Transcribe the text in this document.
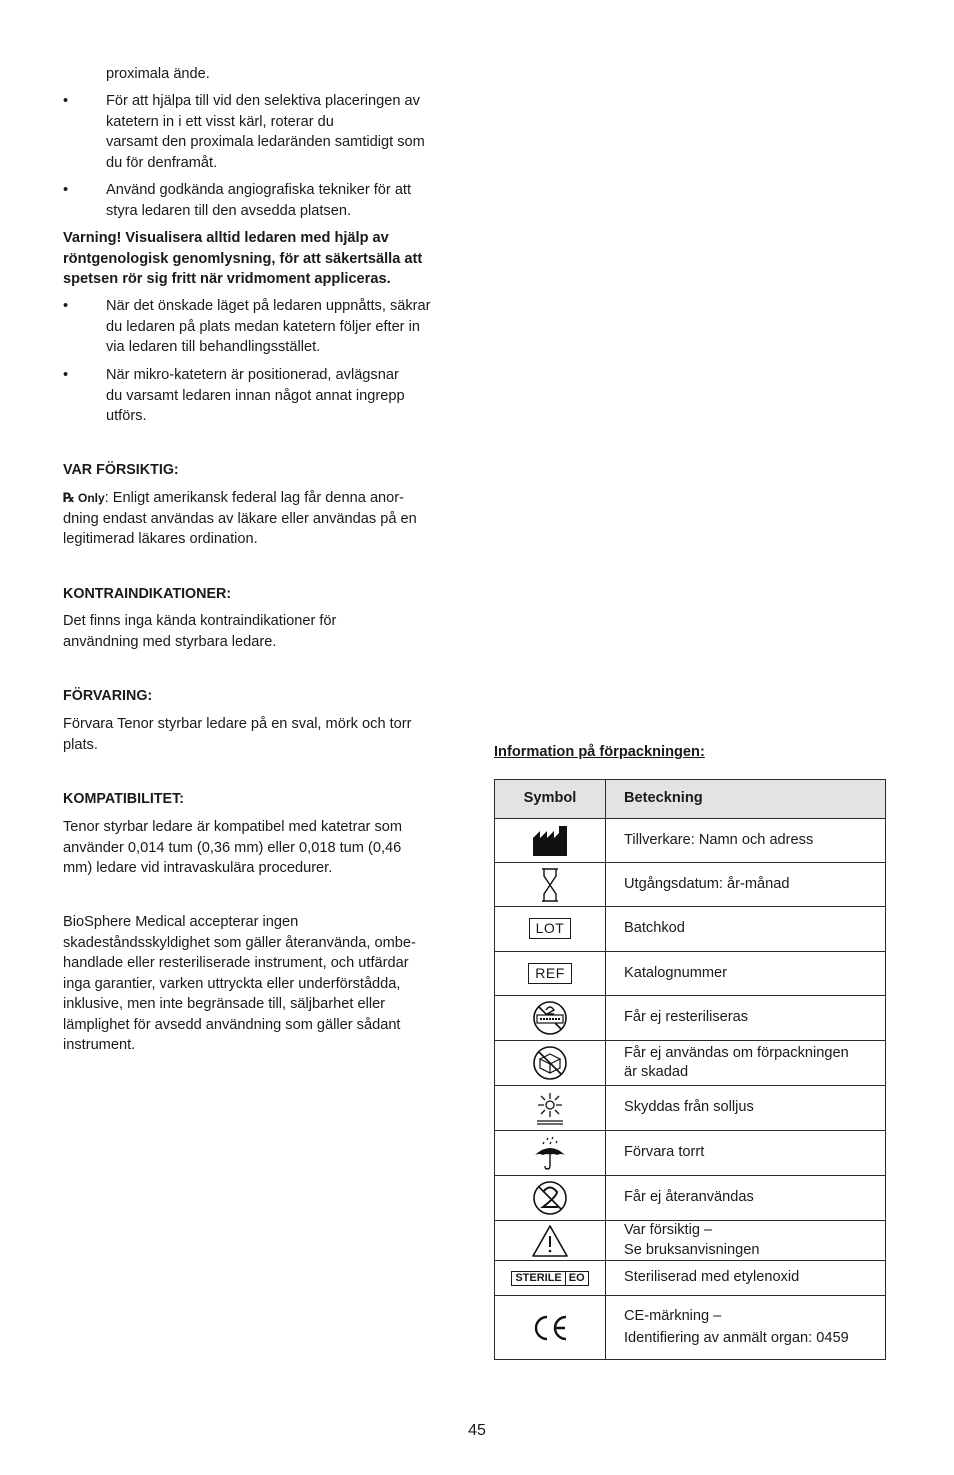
proximala ände.
•	För att hjälpa till vid den selektiva placeringen av
katetern in i ett visst kärl, roterar du
varsamt den proximala ledaränden samtidigt som
du för denframåt.
•	Använd godkända angiografiska tekniker för att
styra ledaren till den avsedda platsen.
Varning! Visualisera alltid ledaren med hjälp av
röntgenologisk genomlysning, för att säkertsälla att
spetsen rör sig fritt när vridmoment appliceras.
•	När det önskade läget på ledaren uppnåtts, säkrar
du ledaren på plats medan katetern följer efter in
via ledaren till behandlingsstället.
•	När mikro-katetern är positionerad, avlägsnar
du varsamt ledaren innan något annat ingrepp
utförs.
VAR FÖRSIKTIG:
℞ Only: Enligt amerikansk federal lag får denna anor-
dning endast användas av läkare eller användas på en
legitimerad läkares ordination.
KONTRAINDIKATIONER:
Det finns inga kända kontraindikationer för
användning med styrbara ledare.
FÖRVARING:
Förvara Tenor styrbar ledare på en sval, mörk och torr
plats.
KOMPATIBILITET:
Tenor styrbar ledare är kompatibel med katetrar som
använder 0,014 tum (0,36 mm) eller 0,018 tum (0,46
mm) ledare vid intravaskulära procedurer.
BioSphere Medical accepterar ingen
skadeståndsskyldighet som gäller återanvända, ombe-
handlade eller resteriliserade instrument, och utfärdar
inga garantier, varken uttryckta eller underförstådda,
inklusive, men inte begränsade till, säljbarhet eller
lämplighet för avsedd användning som gäller sådant
instrument.
Information på förpackningen:
Symbol	Beteckning

Tillverkare: Namn och adress

Utgångsdatum: år-månad

LOT	Batchkod

REF	Katalognummer

Får ej resteriliseras

Får ej användas om förpackningen
är skadad

Skyddas från solljus

Förvara torrt

Får ej återanvändas

Var försiktig –
Se bruksanvisningen

STERILE EO	Steriliserad med etylenoxid

CE-märkning –
Identifiering av anmält organ: 0459
45
